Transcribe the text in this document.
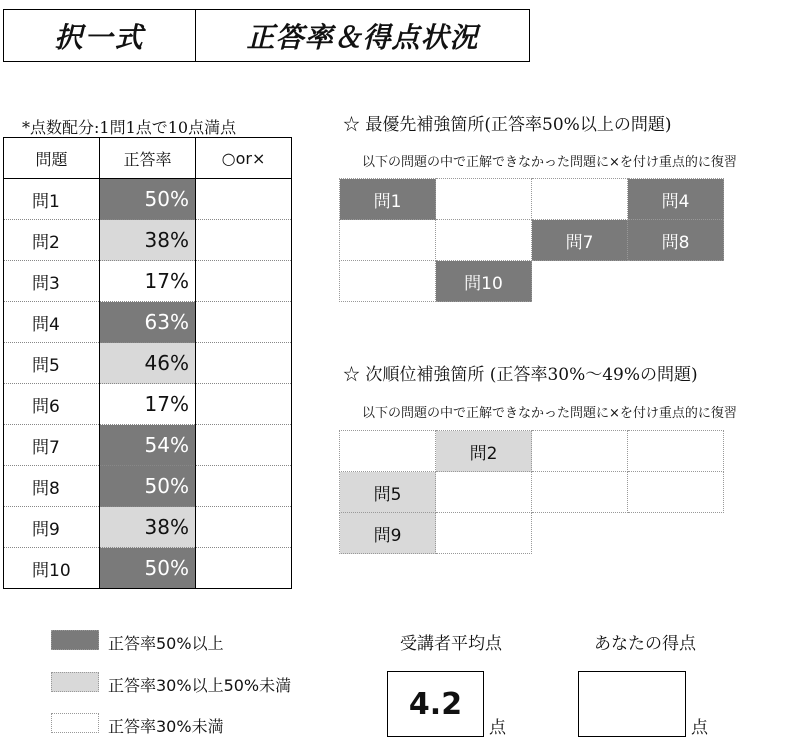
択一式	正答率＆得点状況
*点数配分:1問1点で10点満点
問題	正答率	○or×
問1	50%	
問2	38%	
問3	17%	
問4	63%	
問5	46%	
問6	17%	
問7	54%	
問8	50%	
問9	38%	
問10	50%	
☆ 最優先補強箇所(正答率50%以上の問題)
以下の問題の中で正解できなかった問題に×を付け重点的に復習
問1			問4
		問7	問8
	問10		
☆ 次順位補強箇所 (正答率30%～49%の問題)
以下の問題の中で正解できなかった問題に×を付け重点的に復習
	問2		
問5			
問9			
正答率50%以上
正答率30%以上50%未満
正答率30%未満
受講者平均点
4.2
点
あなたの得点
点
